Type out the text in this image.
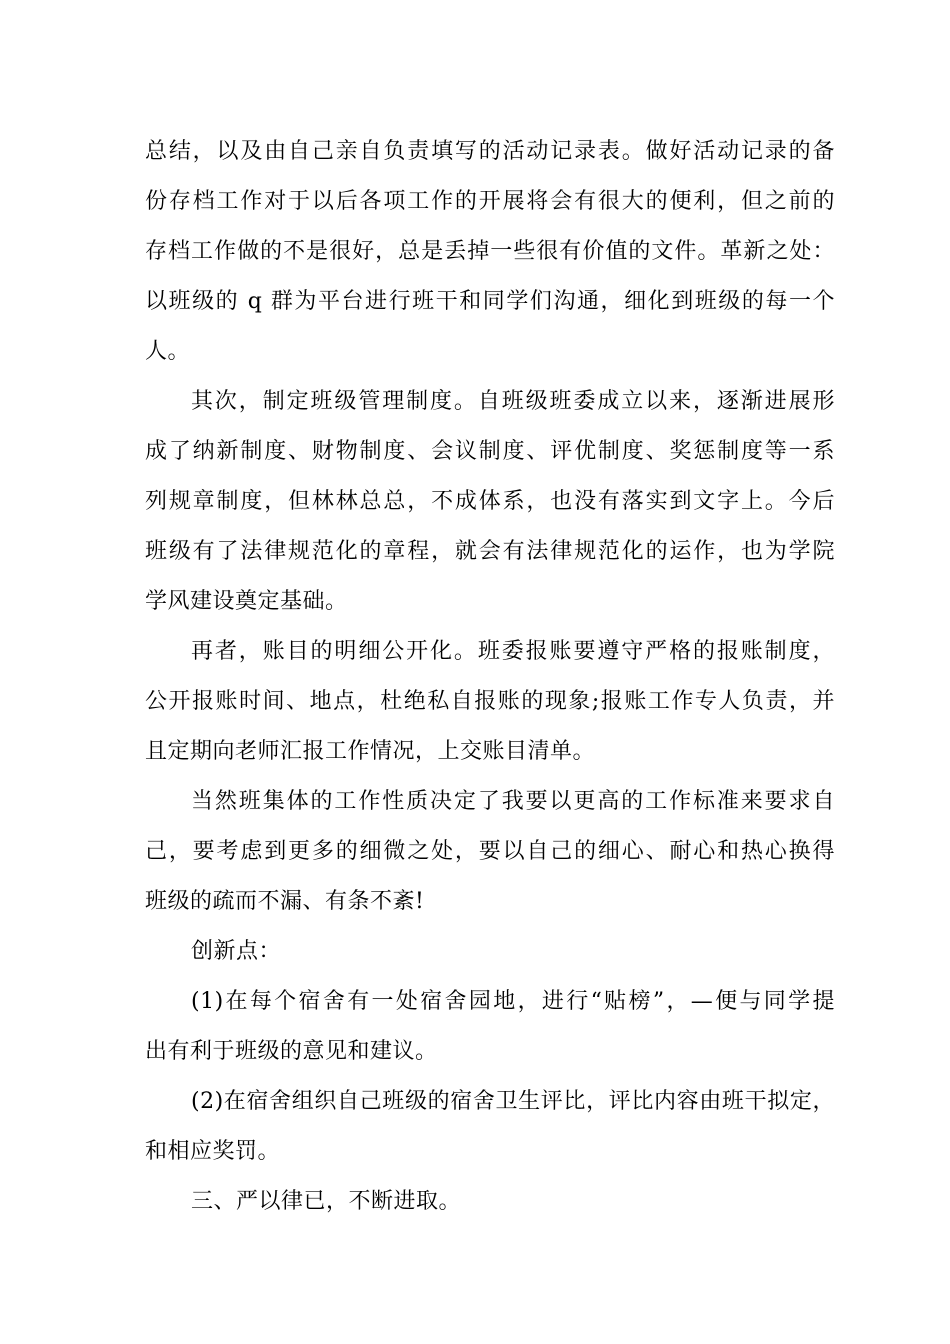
总结，以及由自己亲自负责填写的活动记录表。做好活动记录的备
份存档工作对于以后各项工作的开展将会有很大的便利，但之前的
存档工作做的不是很好，总是丢掉一些很有价值的文件。革新之处：
以班级的 q 群为平台进行班干和同学们沟通，细化到班级的每一个
人。
其次，制定班级管理制度。自班级班委成立以来，逐渐进展形
成了纳新制度、财物制度、会议制度、评优制度、奖惩制度等一系
列规章制度，但林林总总，不成体系，也没有落实到文字上。今后
班级有了法律规范化的章程，就会有法律规范化的运作，也为学院
学风建设奠定基础。
再者，账目的明细公开化。班委报账要遵守严格的报账制度，
公开报账时间、地点，杜绝私自报账的现象;报账工作专人负责，并
且定期向老师汇报工作情况，上交账目清单。
当然班集体的工作性质决定了我要以更高的工作标准来要求自
己，要考虑到更多的细微之处，要以自己的细心、耐心和热心换得
班级的疏而不漏、有条不紊!
创新点：
(1)在每个宿舍有一处宿舍园地，进行“贴榜”，—便与同学提
出有利于班级的意见和建议。
(2)在宿舍组织自己班级的宿舍卫生评比，评比内容由班干拟定，
和相应奖罚。
三、严以律已，不断进取。
